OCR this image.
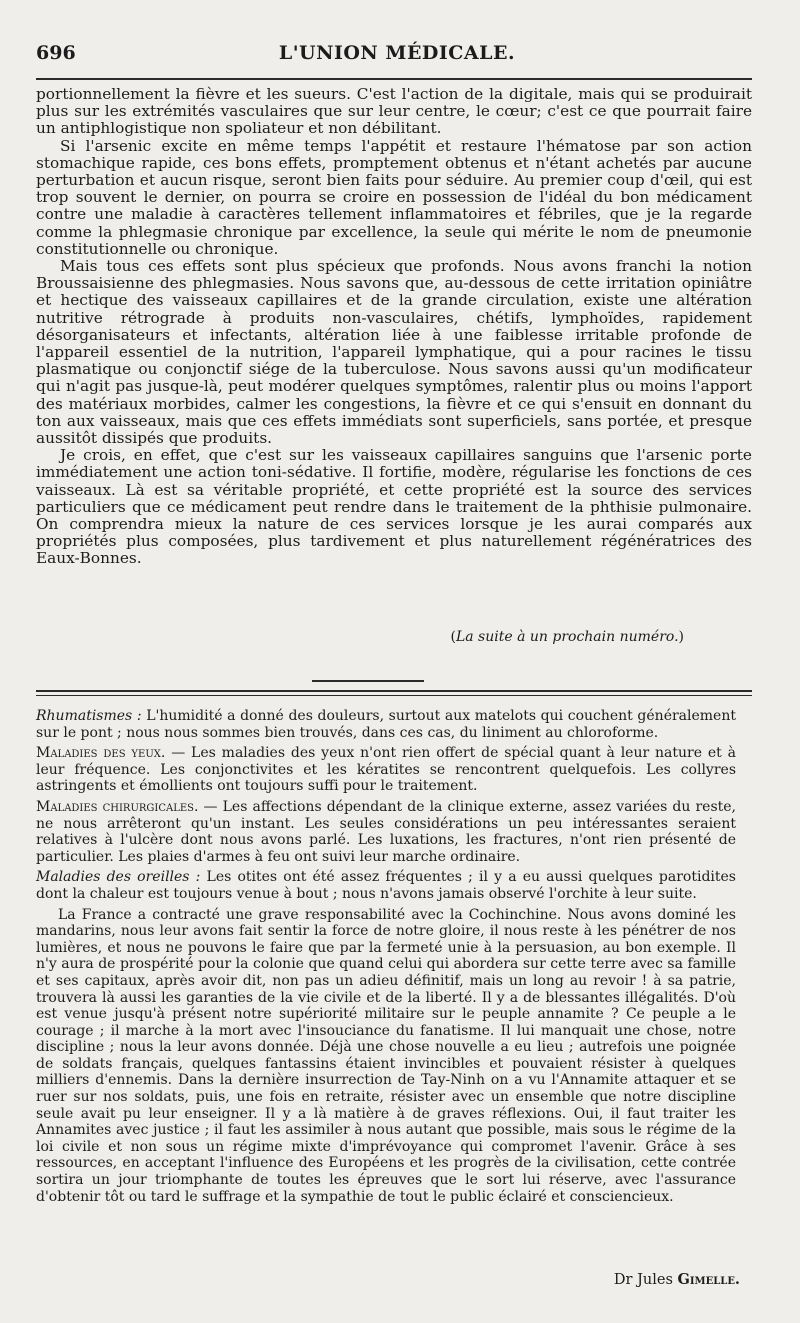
696	L'UNION MÉDICALE.

portionnellement la fièvre et les sueurs. C'est l'action de la digitale, mais qui se produirait plus sur les extrémités vasculaires que sur leur centre, le cœur; c'est ce que pourrait faire un antiphlogistique non spoliateur et non débilitant.

Si l'arsenic excite en même temps l'appétit et restaure l'hématose par son action stomachique rapide, ces bons effets, promptement obtenus et n'étant achetés par aucune perturbation et aucun risque, seront bien faits pour séduire. Au premier coup d'œil, qui est trop souvent le dernier, on pourra se croire en possession de l'idéal du bon médicament contre une maladie à caractères tellement inflammatoires et fébriles, que je la regarde comme la phlegmasie chronique par excellence, la seule qui mérite le nom de pneumonie constitutionnelle ou chronique.

Mais tous ces effets sont plus spécieux que profonds. Nous avons franchi la notion Broussaisienne des phlegmasies. Nous savons que, au-dessous de cette irritation opiniâtre et hectique des vaisseaux capillaires et de la grande circulation, existe une altération nutritive rétrograde à produits non-vasculaires, chétifs, lymphoïdes, rapidement désorganisateurs et infectants, altération liée à une faiblesse irritable profonde de l'appareil essentiel de la nutrition, l'appareil lymphatique, qui a pour racines le tissu plasmatique ou conjonctif siége de la tuberculose. Nous savons aussi qu'un modificateur qui n'agit pas jusque-là, peut modérer quelques symptômes, ralentir plus ou moins l'apport des matériaux morbides, calmer les congestions, la fièvre et ce qui s'ensuit en donnant du ton aux vaisseaux, mais que ces effets immédiats sont superficiels, sans portée, et presque aussitôt dissipés que produits.

Je crois, en effet, que c'est sur les vaisseaux capillaires sanguins que l'arsenic porte immédiatement une action toni-sédative. Il fortifie, modère, régularise les fonctions de ces vaisseaux. Là est sa véritable propriété, et cette propriété est la source des services particuliers que ce médicament peut rendre dans le traitement de la phthisie pulmonaire. On comprendra mieux la nature de ces services lorsque je les aurai comparés aux propriétés plus composées, plus tardivement et plus naturellement régénératrices des Eaux-Bonnes.

(La suite à un prochain numéro.)

Rhumatismes : L'humidité a donné des douleurs, surtout aux matelots qui couchent généralement sur le pont ; nous nous sommes bien trouvés, dans ces cas, du liniment au chloroforme.

Maladies des yeux. — Les maladies des yeux n'ont rien offert de spécial quant à leur nature et à leur fréquence. Les conjonctivites et les kératites se rencontrent quelquefois. Les collyres astringents et émollients ont toujours suffi pour le traitement.

Maladies chirurgicales. — Les affections dépendant de la clinique externe, assez variées du reste, ne nous arrêteront qu'un instant. Les seules considérations un peu intéressantes seraient relatives à l'ulcère dont nous avons parlé. Les luxations, les fractures, n'ont rien présenté de particulier. Les plaies d'armes à feu ont suivi leur marche ordinaire.

Maladies des oreilles : Les otites ont été assez fréquentes ; il y a eu aussi quelques parotidites dont la chaleur est toujours venue à bout ; nous n'avons jamais observé l'orchite à leur suite.

La France a contracté une grave responsabilité avec la Cochinchine. Nous avons dominé les mandarins, nous leur avons fait sentir la force de notre gloire, il nous reste à les pénétrer de nos lumières, et nous ne pouvons le faire que par la fermeté unie à la persuasion, au bon exemple. Il n'y aura de prospérité pour la colonie que quand celui qui abordera sur cette terre avec sa famille et ses capitaux, après avoir dit, non pas un adieu définitif, mais un long au revoir ! à sa patrie, trouvera là aussi les garanties de la vie civile et de la liberté. Il y a de blessantes illégalités. D'où est venue jusqu'à présent notre supériorité militaire sur le peuple annamite ? Ce peuple a le courage ; il marche à la mort avec l'insouciance du fanatisme. Il lui manquait une chose, notre discipline ; nous la leur avons donnée. Déjà une chose nouvelle a eu lieu ; autrefois une poignée de soldats français, quelques fantassins étaient invincibles et pouvaient résister à quelques milliers d'ennemis. Dans la dernière insurrection de Tay-Ninh on a vu l'Annamite attaquer et se ruer sur nos soldats, puis, une fois en retraite, résister avec un ensemble que notre discipline seule avait pu leur enseigner. Il y a là matière à de graves réflexions. Oui, il faut traiter les Annamites avec justice ; il faut les assimiler à nous autant que possible, mais sous le régime de la loi civile et non sous un régime mixte d'imprévoyance qui compromet l'avenir. Grâce à ses ressources, en acceptant l'influence des Européens et les progrès de la civilisation, cette contrée sortira un jour triomphante de toutes les épreuves que le sort lui réserve, avec l'assurance d'obtenir tôt ou tard le suffrage et la sympathie de tout le public éclairé et consciencieux.

Dr Jules Gimelle.
